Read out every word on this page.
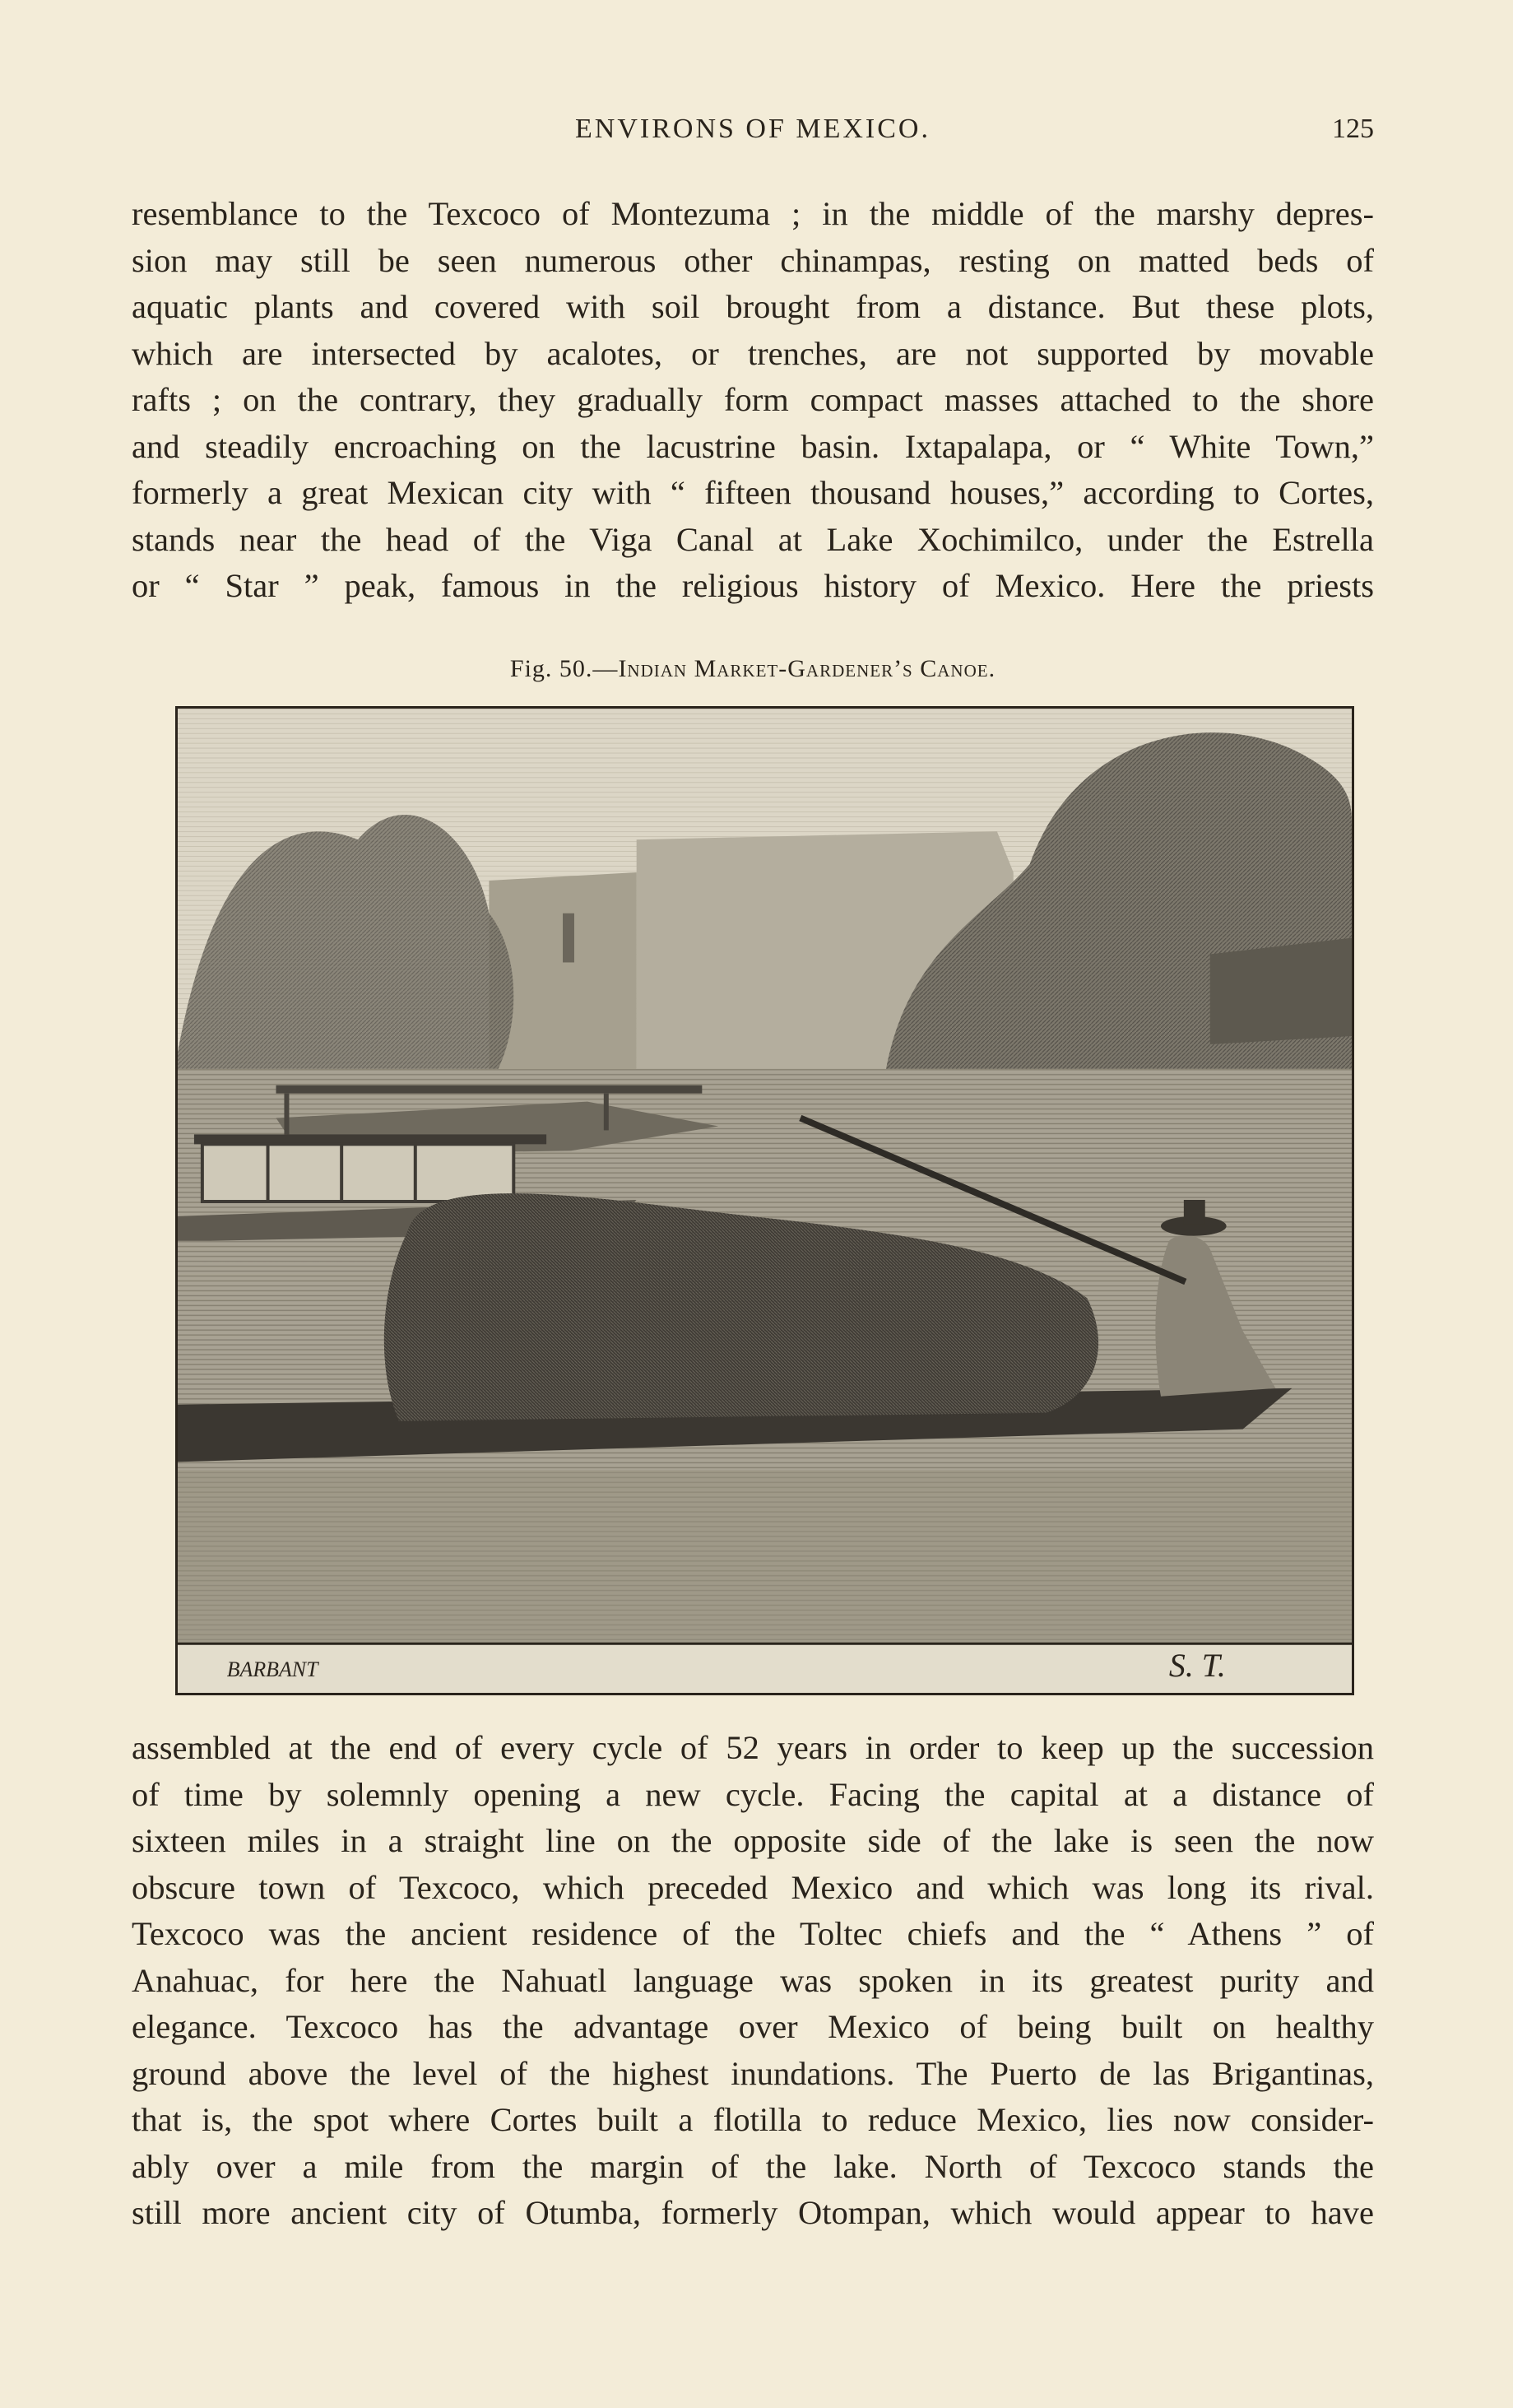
ENVIRONS OF MEXICO.	125
resemblance to the Texcoco of Montezuma ; in the middle of the marshy depres-
sion may still be seen numerous other chinampas, resting on matted beds of
aquatic plants and covered with soil brought from a distance. But these plots,
which are intersected by acalotes, or trenches, are not supported by movable
rafts ; on the contrary, they gradually form compact masses attached to the shore
and steadily encroaching on the lacustrine basin. Ixtapalapa, or “ White Town,”
formerly a great Mexican city with “ fifteen thousand houses,” according to Cortes,
stands near the head of the Viga Canal at Lake Xochimilco, under the Estrella
or “ Star ” peak, famous in the religious history of Mexico. Here the priests
Fig. 50.—Indian Market-Gardener’s Canoe.
BARBANT	S. T.
assembled at the end of every cycle of 52 years in order to keep up the succession
of time by solemnly opening a new cycle. Facing the capital at a distance of
sixteen miles in a straight line on the opposite side of the lake is seen the now
obscure town of Texcoco, which preceded Mexico and which was long its rival.
Texcoco was the ancient residence of the Toltec chiefs and the “ Athens ” of
Anahuac, for here the Nahuatl language was spoken in its greatest purity and
elegance. Texcoco has the advantage over Mexico of being built on healthy
ground above the level of the highest inundations. The Puerto de las Brigantinas,
that is, the spot where Cortes built a flotilla to reduce Mexico, lies now consider-
ably over a mile from the margin of the lake. North of Texcoco stands the
still more ancient city of Otumba, formerly Otompan, which would appear to have
